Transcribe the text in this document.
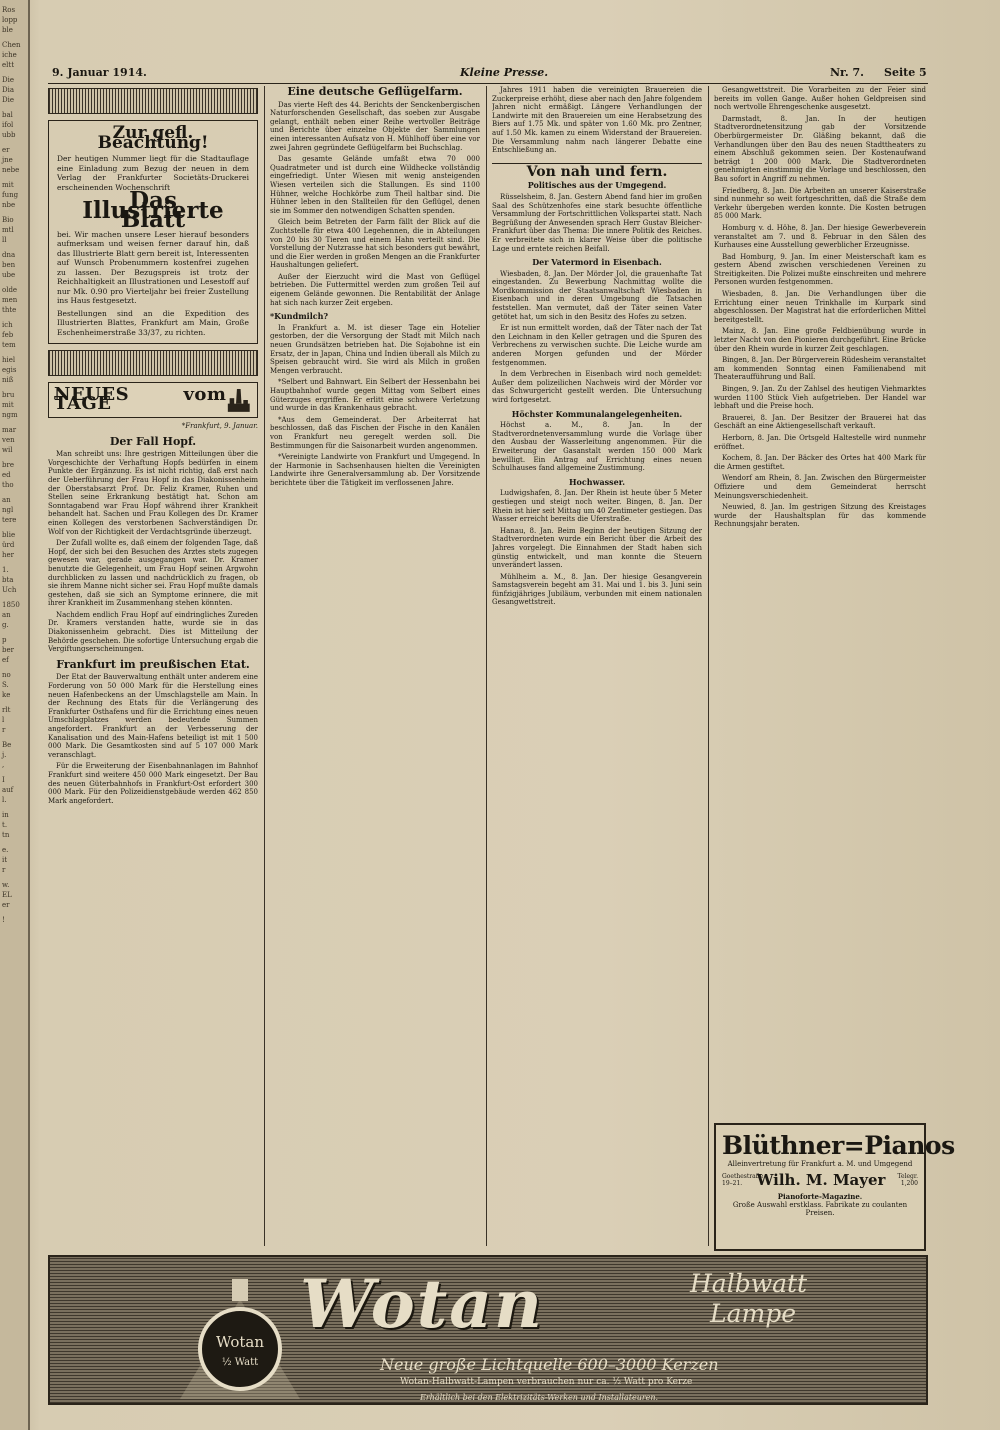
Ros
lopp
ble
Chen
iche
eltt
Die
Dia
Die
bal
ifol
ubb
er
jne
nebe
mit
fung
nbe
Bio
mtl
ll
dna
ben
ube
olde
men
thte
ich
feb
tem
hiel
egis
niß
bru
mit
ngm
mar
ven
wil
bre
ed
tho
an
ngl
tere
blie
ürd
her
1.
bta
Uch
1850
an
g.
p
ber
ef
no
S.
ke
rlt
l
r
Be
j.
,
I
auf
l.
in
t.
tn
e.
it
r
w.
EL
er
!
9. Januar 1914.	Kleine Presse.	Nr. 7. Seite 5
Zur gefl. Beachtung!
Der heutigen Nummer liegt für die Stadtauflage eine Einladung zum Bezug der neuen in dem Verlag der Frankfurter Societäts-Druckerei erscheinenden Wochenschrift
Das Illustrierte Blatt
bei. Wir machen unsere Leser hierauf besonders aufmerksam und weisen ferner darauf hin, daß das Illustrierte Blatt gern bereit ist, Interessenten auf Wunsch Probenummern kostenfrei zugehen zu lassen. Der Bezugspreis ist trotz der Reichhaltigkeit an Illustrationen und Lesestoff auf nur Mk. 0.90 pro Vierteljahr bei freier Zustellung ins Haus festgesetzt.
Bestellungen sind an die Expedition des Illustrierten Blattes, Frankfurt am Main, Große Eschenheimerstraße 33/37, zu richten.
NEUES vom TAGE
*Frankfurt, 9. Januar.
Der Fall Hopf.

Man schreibt uns: Ihre gestrigen Mitteilungen über die Vorgeschichte der Verhaftung Hopfs bedürfen in einem Punkte der Ergänzung. Es ist nicht richtig, daß erst nach der Ueberführung der Frau Hopf in das Diakonissenheim der Oberstabsarzt Prof. Dr. Feliz Kramer, Ruhen und Stellen seine Erkrankung bestätigt hat. Schon am Sonntagabend war Frau Hopf während ihrer Krankheit behandelt hat. Sachen und Frau Kollegen des Dr. Kramer einen Kollegen des verstorbenen Sachverständigen Dr. Wolf von der Richtigkeit der Verdachtsgründe überzeugt.

Der Zufall wollte es, daß einem der folgenden Tage, daß Hopf, der sich bei den Besuchen des Arztes stets zugegen gewesen war, gerade ausgegangen war. Dr. Kramer benutzte die Gelegenheit, um Frau Hopf seinen Argwohn durchblicken zu lassen und nachdrücklich zu fragen, ob sie ihrem Manne nicht sicher sei. Frau Hopf mußte damals gestehen, daß sie sich an Symptome erinnere, die mit ihrer Krankheit im Zusammenhang stehen könnten.

Nachdem endlich Frau Hopf auf eindringliches Zureden Dr. Kramers verstanden hatte, wurde sie in das Diakonissenheim gebracht. Dies ist Mitteilung der Behörde geschehen. Die sofortige Untersuchung ergab die Vergiftungserscheinungen.

Frankfurt im preußischen Etat.

Der Etat der Bauverwaltung enthält unter anderem eine Forderung von 50 000 Mark für die Herstellung eines neuen Hafenbeckens an der Umschlagstelle am Main. In der Rechnung des Etats für die Verlängerung des Frankfurter Osthafens und für die Errichtung eines neuen Umschlagplatzes werden bedeutende Summen angefordert. Frankfurt an der Verbesserung der Kanalisation und des Main-Hafens beteiligt ist mit 1 500 000 Mark. Die Gesamtkosten sind auf 5 107 000 Mark veranschlagt.

Für die Erweiterung der Eisenbahnanlagen im Bahnhof Frankfurt sind weitere 450 000 Mark eingesetzt. Der Bau des neuen Güterbahnhofs in Frankfurt-Ost erfordert 300 000 Mark. Für den Polizeidienstgebäude werden 462 850 Mark angefordert.

Eine deutsche Geflügelfarm.

Das vierte Heft des 44. Berichts der Senckenbergischen Naturforschenden Gesellschaft, das soeben zur Ausgabe gelangt, enthält neben einer Reihe wertvoller Beiträge und Berichte über einzelne Objekte der Sammlungen einen interessanten Aufsatz von H. Mühlhoff über eine vor zwei Jahren gegründete Geflügelfarm bei Buchschlag.

Das gesamte Gelände umfaßt etwa 70 000 Quadratmeter und ist durch eine Wildhecke vollständig eingefriedigt. Unter Wiesen mit wenig ansteigenden Wiesen verteilen sich die Stallungen. Es sind 1100 Hühner, welche Hochkörbe zum Theil haltbar sind. Die Hühner leben in den Stallteilen für den Geflügel, denen sie im Sommer den notwendigen Schatten spenden.

Gleich beim Betreten der Farm fällt der Blick auf die Zuchtstelle für etwa 400 Legehennen, die in Abteilungen von 20 bis 30 Tieren und einem Hahn verteilt sind. Die Vorstellung der Nutzrasse hat sich besonders gut bewährt, und die Eier werden in großen Mengen an die Frankfurter Haushaltungen geliefert.

Außer der Eierzucht wird die Mast von Geflügel betrieben. Die Futtermittel werden zum großen Teil auf eigenem Gelände gewonnen. Die Rentabilität der Anlage hat sich nach kurzer Zeit ergeben.

*Kundmilch?

In Frankfurt a. M. ist dieser Tage ein Hotelier gestorben, der die Versorgung der Stadt mit Milch nach neuen Grundsätzen betrieben hat. Die Sojabohne ist ein Ersatz, der in Japan, China und Indien überall als Milch zu Speisen gebraucht wird. Sie wird als Milch in großen Mengen verbraucht.

*Selbert und Bahnwart. Ein Selbert der Hessenbahn bei Hauptbahnhof wurde gegen Mittag vom Selbert eines Güterzuges ergriffen. Er erlitt eine schwere Verletzung und wurde in das Krankenhaus gebracht.

*Aus dem Gemeinderat. Der Arbeiterrat hat beschlossen, daß das Fischen der Fische in den Kanälen von Frankfurt neu geregelt werden soll. Die Bestimmungen für die Saisonarbeit wurden angenommen.

*Vereinigte Landwirte von Frankfurt und Umgegend. In der Harmonie in Sachsenhausen hielten die Vereinigten Landwirte ihre Generalversammlung ab. Der Vorsitzende berichtete über die Tätigkeit im verflossenen Jahre.

Jahres 1911 haben die vereinigten Brauereien die Zuckerpreise erhöht, diese aber nach den Jahre folgendem Jahren nicht ermäßigt. Längere Verhandlungen der Landwirte mit den Brauereien um eine Herabsetzung des Biers auf 1.75 Mk. und später von 1.60 Mk. pro Zentner, auf 1.50 Mk. kamen zu einem Widerstand der Brauereien. Die Versammlung nahm nach längerer Debatte eine Entschließung an.

Von nah und fern.
Politisches aus der Umgegend.

Rüsselsheim, 8. Jan. Gestern Abend fand hier im großen Saal des Schützenhofes eine stark besuchte öffentliche Versammlung der Fortschrittlichen Volkspartei statt. Nach Begrüßung der Anwesenden sprach Herr Gustav Bleicher-Frankfurt über das Thema: Die innere Politik des Reiches. Er verbreitete sich in klarer Weise über die politische Lage und erntete reichen Beifall.

Der Vatermord in Eisenbach.

Wiesbaden, 8. Jan. Der Mörder Jol, die grauenhafte Tat eingestanden. Zu Bewerbung Nachmittag wollte die Mordkommission der Staatsanwaltschaft Wiesbaden in Eisenbach und in deren Umgebung die Tatsachen feststellen. Man vermutet, daß der Täter seinen Vater getötet hat, um sich in den Besitz des Hofes zu setzen.

Er ist nun ermittelt worden, daß der Täter nach der Tat den Leichnam in den Keller getragen und die Spuren des Verbrechens zu verwischen suchte. Die Leiche wurde am anderen Morgen gefunden und der Mörder festgenommen.

In dem Verbrechen in Eisenbach wird noch gemeldet: Außer dem polizeilichen Nachweis wird der Mörder vor das Schwurgericht gestellt werden. Die Untersuchung wird fortgesetzt.

Höchster Kommunalangelegenheiten.

Höchst a. M., 8. Jan. In der Stadtverordnetenversammlung wurde die Vorlage über den Ausbau der Wasserleitung angenommen. Für die Erweiterung der Gasanstalt werden 150 000 Mark bewilligt. Ein Antrag auf Errichtung eines neuen Schulhauses fand allgemeine Zustimmung.

Hochwasser.

Ludwigshafen, 8. Jan. Der Rhein ist heute über 5 Meter gestiegen und steigt noch weiter. Bingen, 8. Jan. Der Rhein ist hier seit Mittag um 40 Zentimeter gestiegen. Das Wasser erreicht bereits die Uferstraße.

Hanau, 8. Jan. Beim Beginn der heutigen Sitzung der Stadtverordneten wurde ein Bericht über die Arbeit des Jahres vorgelegt. Die Einnahmen der Stadt haben sich günstig entwickelt, und man konnte die Steuern unverändert lassen.

Mühlheim a. M., 8. Jan. Der hiesige Gesangverein Samstagsverein begeht am 31. Mai und 1. bis 3. Juni sein fünfzigjähriges Jubiläum, verbunden mit einem nationalen Gesangwettstreit.

Gesangwettstreit. Die Vorarbeiten zu der Feier sind bereits im vollen Gange. Außer hohen Geldpreisen sind noch wertvolle Ehrengeschenke ausgesetzt.

Darmstadt, 8. Jan. In der heutigen Stadtverordnetensitzung gab der Vorsitzende Oberbürgermeister Dr. Gläßing bekannt, daß die Verhandlungen über den Bau des neuen Stadttheaters zu einem Abschluß gekommen seien. Der Kostenaufwand beträgt 1 200 000 Mark. Die Stadtverordneten genehmigten einstimmig die Vorlage und beschlossen, den Bau sofort in Angriff zu nehmen.

Friedberg, 8. Jan. Die Arbeiten an unserer Kaiserstraße sind nunmehr so weit fortgeschritten, daß die Straße dem Verkehr übergeben werden konnte. Die Kosten betrugen 85 000 Mark.

Homburg v. d. Höhe, 8. Jan. Der hiesige Gewerbeverein veranstaltet am 7. und 8. Februar in den Sälen des Kurhauses eine Ausstellung gewerblicher Erzeugnisse.

Bad Homburg, 9. Jan. Im einer Meisterschaft kam es gestern Abend zwischen verschiedenen Vereinen zu Streitigkeiten. Die Polizei mußte einschreiten und mehrere Personen wurden festgenommen.

Wiesbaden, 8. Jan. Die Verhandlungen über die Errichtung einer neuen Trinkhalle im Kurpark sind abgeschlossen. Der Magistrat hat die erforderlichen Mittel bereitgestellt.

Mainz, 8. Jan. Eine große Feldbienübung wurde in letzter Nacht von den Pionieren durchgeführt. Eine Brücke über den Rhein wurde in kurzer Zeit geschlagen.

Bingen, 8. Jan. Der Bürgerverein Rüdesheim veranstaltet am kommenden Sonntag einen Familienabend mit Theateraufführung und Ball.

Bingen, 9. Jan. Zu der Zahlsel des heutigen Viehmarktes wurden 1100 Stück Vieh aufgetrieben. Der Handel war lebhaft und die Preise hoch.

Brauerei, 8. Jan. Der Besitzer der Brauerei hat das Geschäft an eine Aktiengesellschaft verkauft.

Herborn, 8. Jan. Die Ortsgeld Haltestelle wird nunmehr eröffnet.

Kochem, 8. Jan. Der Bäcker des Ortes hat 400 Mark für die Armen gestiftet.

Wendorf am Rhein, 8. Jan. Zwischen den Bürgermeister Offiziere und dem Gemeinderat herrscht Meinungsverschiedenheit.

Neuwied, 8. Jan. Im gestrigen Sitzung des Kreistages wurde der Haushaltsplan für das kommende Rechnungsjahr beraten.

Blüthner=Pianos
Alleinvertretung für Frankfurt a. M. und Umgegend
Goethestraße 19–21. Wilh. M. Mayer	Telegr. 1,200
Pianoforte-Magazine.
Große Auswahl erstklass. Fabrikate zu coulanten Preisen.
Wotan
½ Watt
Wotan	Halbwatt
Lampe
Neue große Lichtquelle 600–3000 Kerzen
Wotan-Halbwatt-Lampen verbrauchen nur ca. ½ Watt pro Kerze
Erhältlich bei den Elektrizitäts-Werken und Installateuren.
